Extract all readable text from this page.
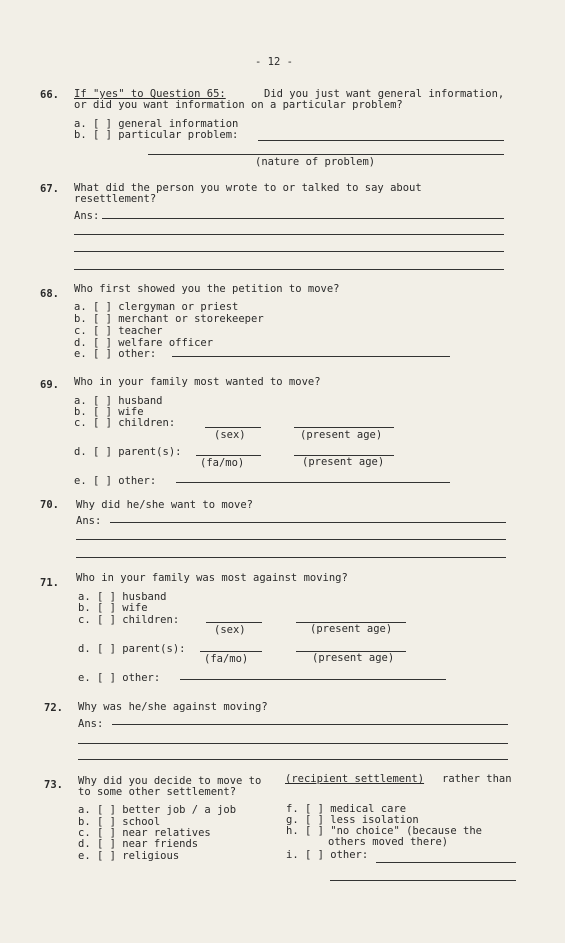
- 12 -
66. If "yes" to Question 65:	Did you just want general information,
or did you want information on a particular problem?
a. [ ] general information
b. [ ] particular problem:
(nature of problem)
67. What did the person you wrote to or talked to say about
resettlement?
Ans:
68. Who first showed you the petition to move?
a. [ ] clergyman or priest
b. [ ] merchant or storekeeper
c. [ ] teacher
d. [ ] welfare officer
e. [ ] other:
69. Who in your family most wanted to move?
a. [ ] husband
b. [ ] wife
c. [ ] children:
(sex)	(present age)
d. [ ] parent(s):
(fa/mo)	(present age)
e. [ ] other:
70. Why did he/she want to move?
Ans:
71. Who in your family was most against moving?
a. [ ] husband
b. [ ] wife
c. [ ] children:
(sex)	(present age)
d. [ ] parent(s):
(fa/mo)	(present age)
e. [ ] other:
72. Why was he/she against moving?
Ans:
73. Why did you decide to move to (recipient settlement) rather than
to some other settlement?
a. [ ] better job / a job
b. [ ] school
c. [ ] near relatives
d. [ ] near friends
e. [ ] religious
f. [ ] medical care
g. [ ] less isolation
h. [ ] "no choice" (because the
others moved there)
i. [ ] other:
